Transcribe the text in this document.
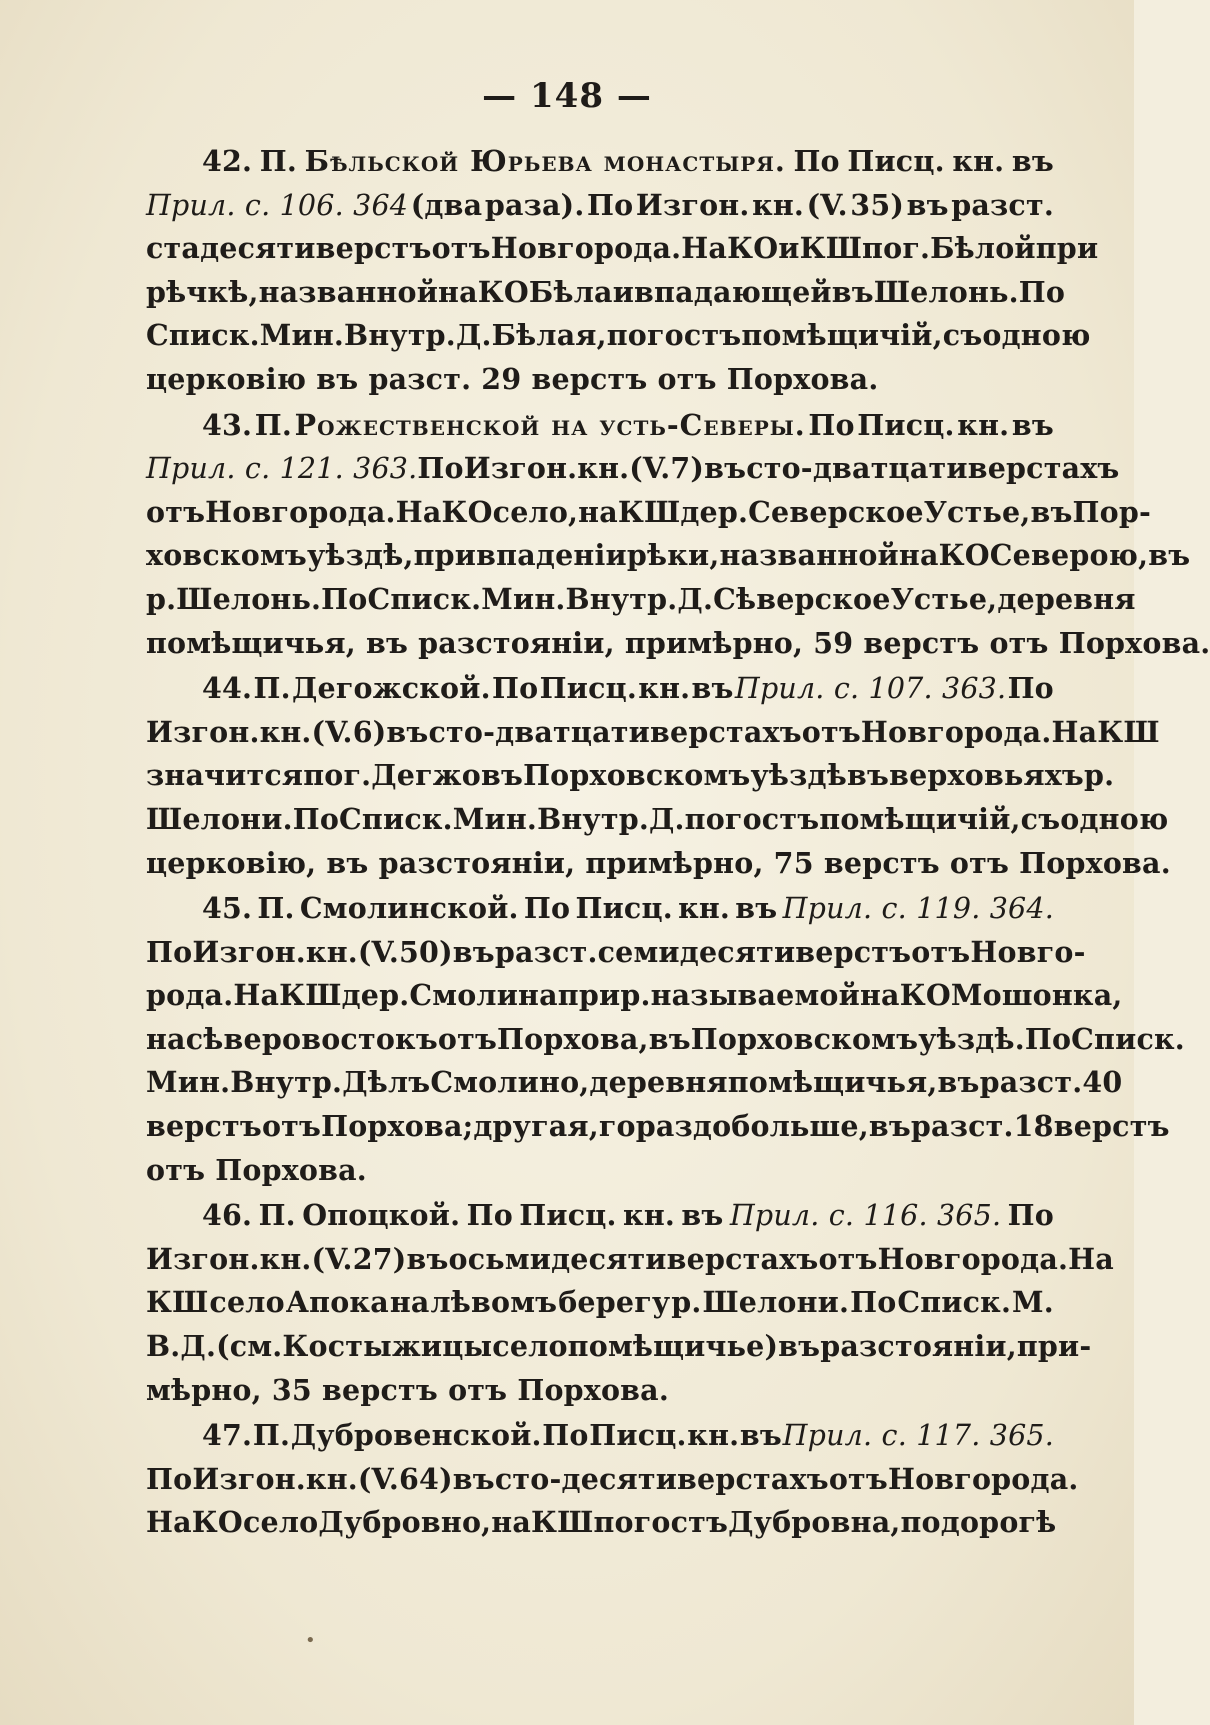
— 148 —
42. П. Бѣльской Юрьева монастыря. По Писц. кн. въ
Прил. с. 106. 364 (два раза). По Изгон. кн. (V. 35) въ разст.
ста десяти верстъ отъ Новгорода. На КО и КШ пог. Бѣлой при
рѣчкѣ, названной на КО Бѣла и впадающей въ Шелонь. По
Списк. Мин. Внутр. Д. Бѣлая, погостъ помѣщичій, съ одною
церковію въ разст. 29 верстъ отъ Порхова.
43. П. Рожественской на усть-Северы. По Писц. кн. въ
Прил. с. 121. 363. По Изгон. кн. (V. 7) въ сто-дватцати верстахъ
отъ Новгорода. На КО село, на КШ дер. Северское Устье, въ Пор-
ховскомъ уѣздѣ, при впаденіи рѣки, названной на КО Северою, въ
р. Шелонь. По Списк. Мин. Внутр. Д. Сѣверское Устье, деревня
помѣщичья, въ разстояніи, примѣрно, 59 верстъ отъ Порхова.
44. П. Дегожской. По Писц. кн. въ Прил. с. 107. 363. По
Изгон. кн. (V. 6) въ сто-дватцати верстахъ отъ Новгорода. На КШ
значится пог. Дегжо въ Порховскомъ уѣздѣ въ верховьяхъ р.
Шелони. По Списк. Мин. Внутр. Д. погостъ помѣщичій, съ одною
церковію, въ разстояніи, примѣрно, 75 верстъ отъ Порхова.
45. П. Смолинской. По Писц. кн. въ Прил. с. 119. 364.
По Изгон. кн. (V. 50) въ разст. семидесяти верстъ отъ Новго-
рода. На КШ дер. Смолина при р. называемой на КО Мошонка,
на сѣверовостокъ отъ Порхова, въ Порховскомъ уѣздѣ. По Списк.
Мин. Внутр. Дѣлъ Смолино, деревня помѣщичья, въ разст. 40
верстъ отъ Порхова; другая, гораздо больше, въ разст. 18 верстъ
отъ Порхова.
46. П. Опоцкой. По Писц. кн. въ Прил. с. 116. 365. По
Изгон. кн. (V. 27) въ осьмидесяти верстахъ отъ Новгорода. На
КШ село Апока на лѣвомъ берегу р. Шелони. По Списк. М.
В. Д. (см. Костыжицы село помѣщичье) въ разстояніи, при-
мѣрно, 35 верстъ отъ Порхова.
47. П. Дубровенской. По Писц. кн. въ Прил. с. 117. 365.
По Изгон. кн. (V. 64) въ сто-десяти верстахъ отъ Новгорода.
На КО село Дубровно, на КШ погостъ Дубровна, по дорогѣ
•
